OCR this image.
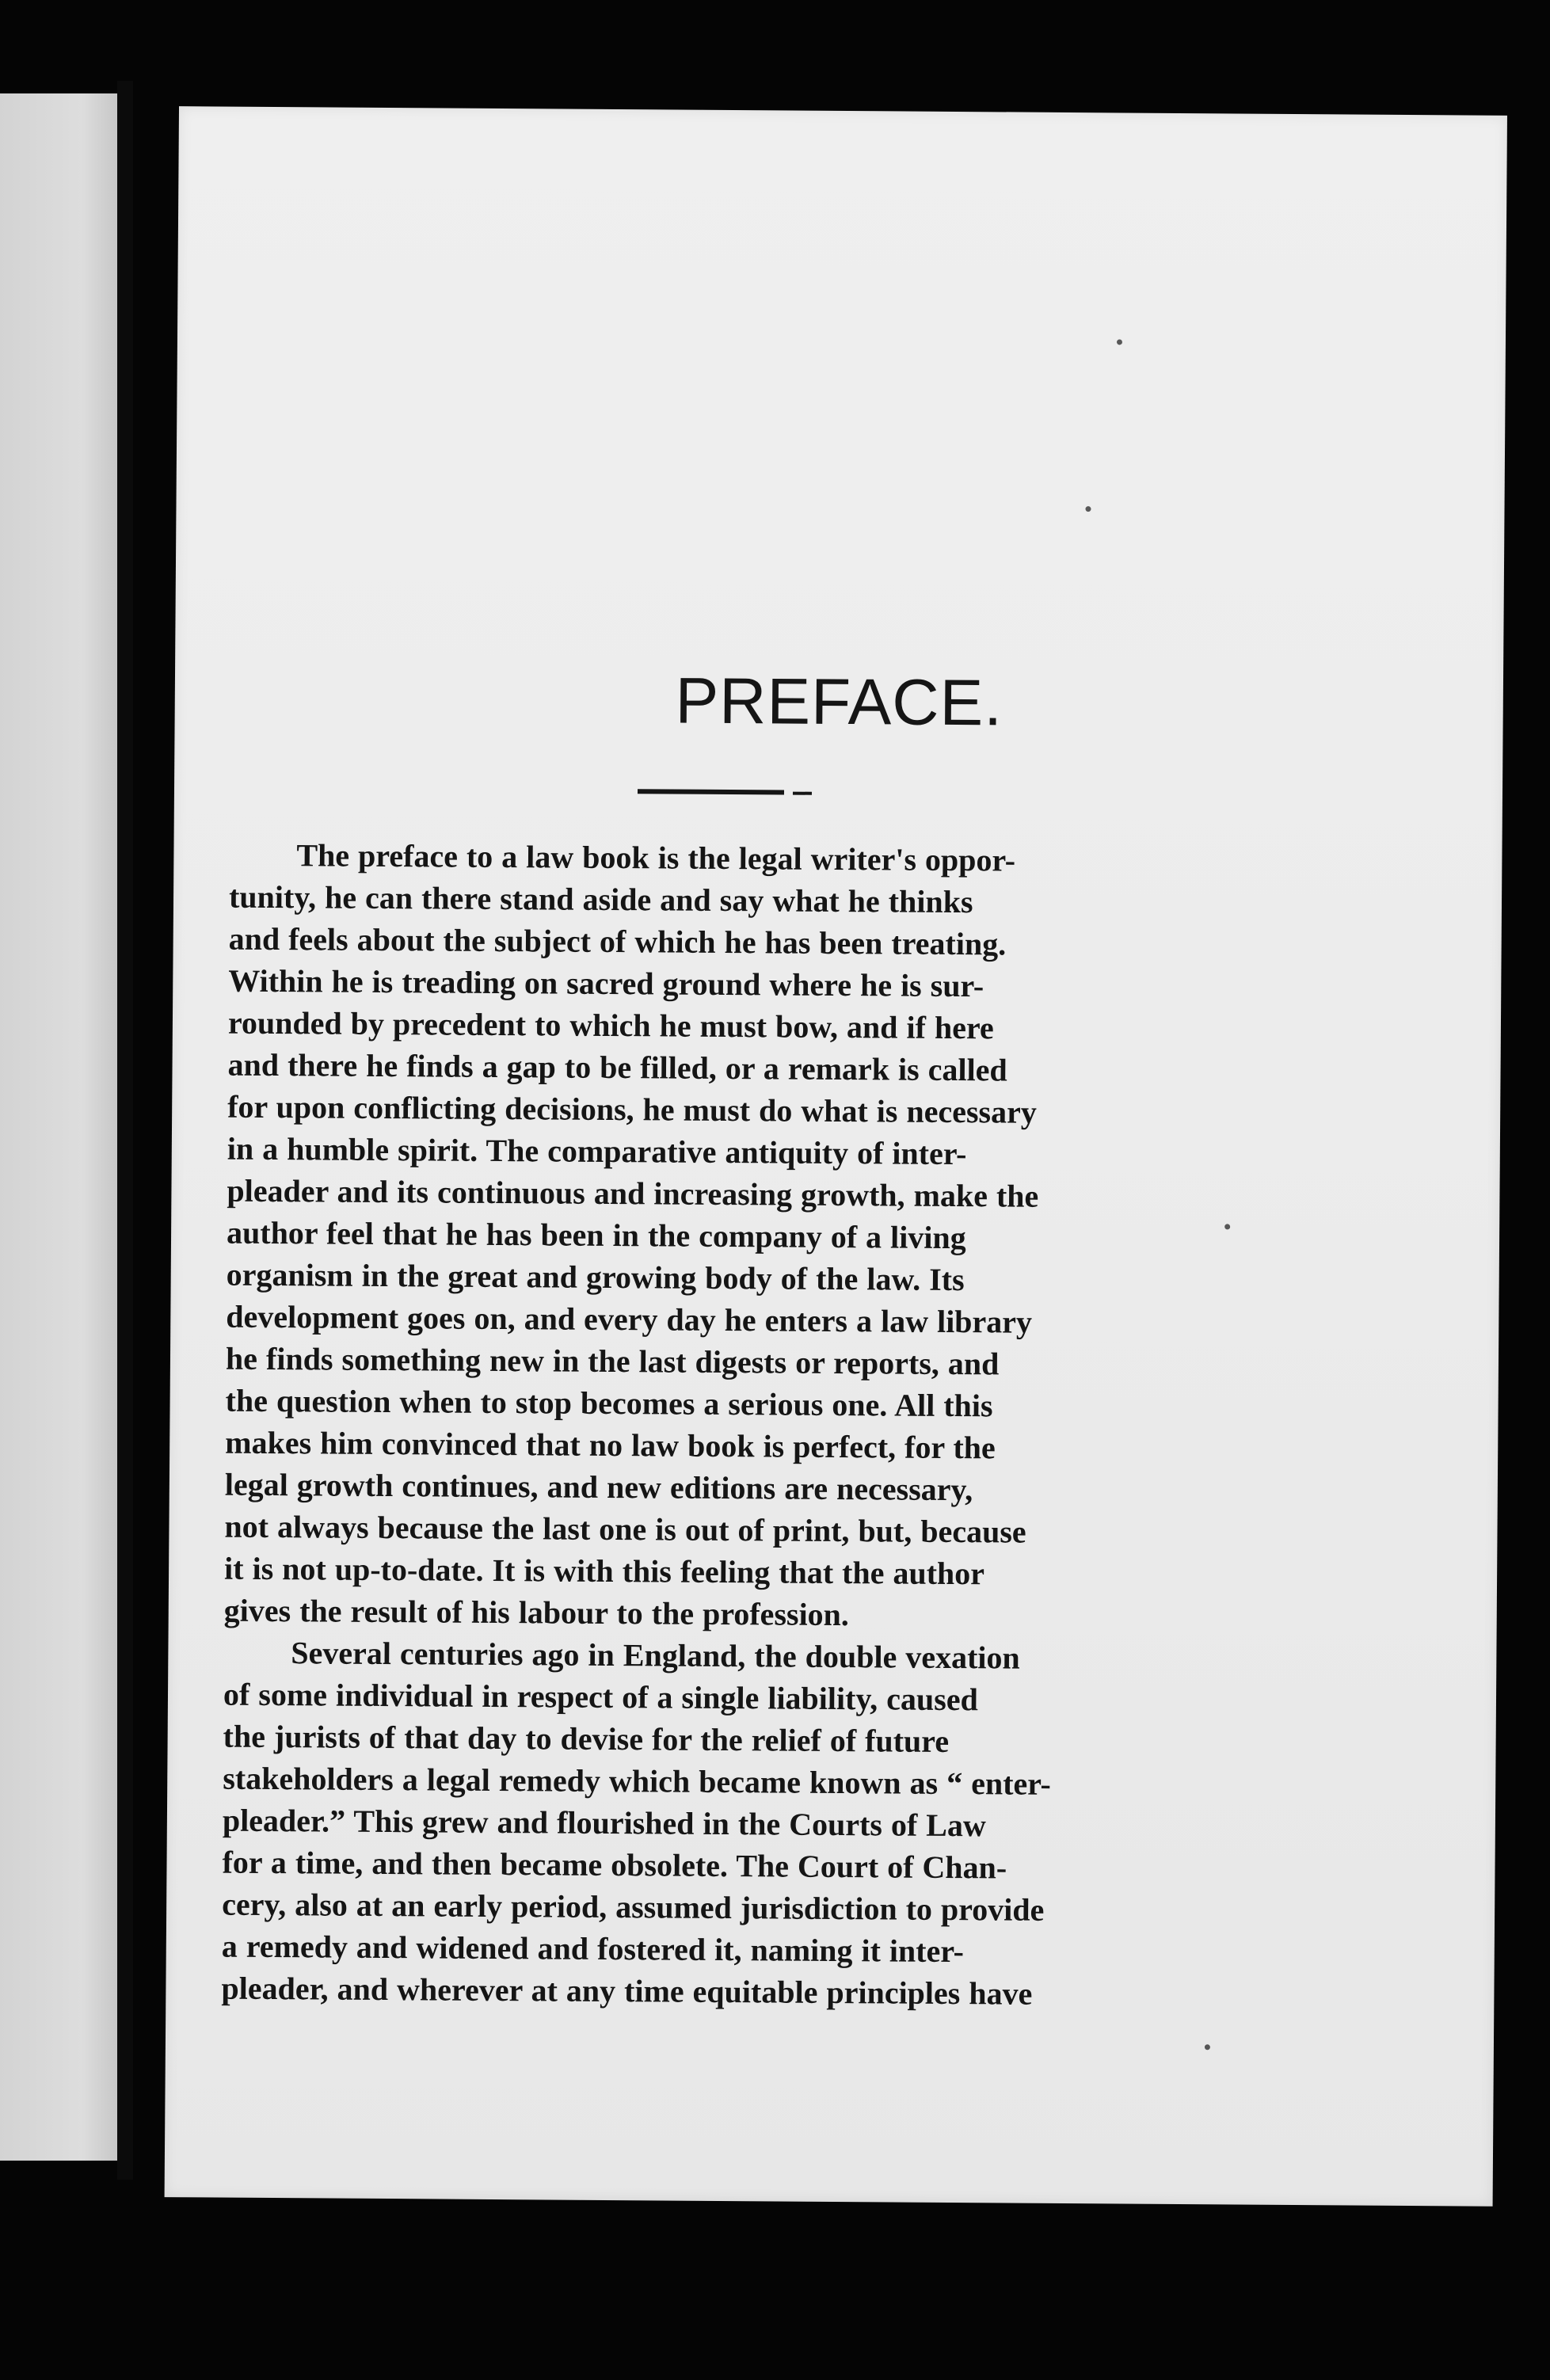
PREFACE.
The preface to a law book is the legal writer's oppor-
tunity, he can there stand aside and say what he thinks
and feels about the subject of which he has been treating.
Within he is treading on sacred ground where he is sur-
rounded by precedent to which he must bow, and if here
and there he finds a gap to be filled, or a remark is called
for upon conflicting decisions, he must do what is necessary
in a humble spirit. The comparative antiquity of inter-
pleader and its continuous and increasing growth, make the
author feel that he has been in the company of a living
organism in the great and growing body of the law. Its
development goes on, and every day he enters a law library
he finds something new in the last digests or reports, and
the question when to stop becomes a serious one. All this
makes him convinced that no law book is perfect, for the
legal growth continues, and new editions are necessary,
not always because the last one is out of print, but, because
it is not up-to-date. It is with this feeling that the author
gives the result of his labour to the profession.
Several centuries ago in England, the double vexation
of some individual in respect of a single liability, caused
the jurists of that day to devise for the relief of future
stakeholders a legal remedy which became known as “ enter-
pleader.” This grew and flourished in the Courts of Law
for a time, and then became obsolete. The Court of Chan-
cery, also at an early period, assumed jurisdiction to provide
a remedy and widened and fostered it, naming it inter-
pleader, and wherever at any time equitable principles have
